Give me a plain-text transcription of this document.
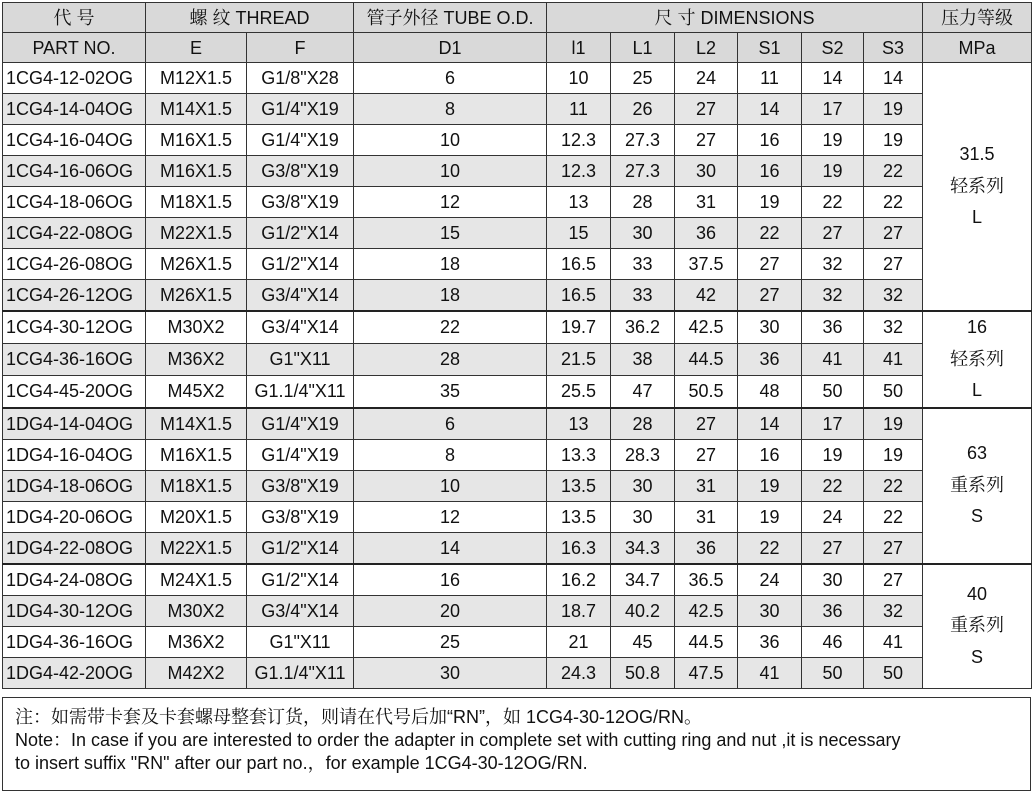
代 号	螺 纹 THREAD		管子外径 TUBE O.D.	尺 寸 DIMENSIONS						压力等级
PART NO.	E	F	D1	l1	L1	L2	S1	S2	S3	MPa
1CG4-12-02OG	M12X1.5	G1/8"X28	6	10	25	24	11	14	14	31.5
轻系列
L

1CG4-14-04OG	M14X1.5	G1/4"X19	8	11	26	27	14	17	19	
1CG4-16-04OG	M16X1.5	G1/4"X19	10	12.3	27.3	27	16	19	19	
1CG4-16-06OG	M16X1.5	G3/8"X19	10	12.3	27.3	30	16	19	22	
1CG4-18-06OG	M18X1.5	G3/8"X19	12	13	28	31	19	22	22	
1CG4-22-08OG	M22X1.5	G1/2"X14	15	15	30	36	22	27	27	
1CG4-26-08OG	M26X1.5	G1/2"X14	18	16.5	33	37.5	27	32	27	
1CG4-26-12OG	M26X1.5	G3/4"X14	18	16.5	33	42	27	32	32	
1CG4-30-12OG	M30X2	G3/4"X14	22	19.7	36.2	42.5	30	36	32	16
轻系列
L

1CG4-36-16OG	M36X2	G1"X11	28	21.5	38	44.5	36	41	41	
1CG4-45-20OG	M45X2	G1.1/4"X11	35	25.5	47	50.5	48	50	50	
1DG4-14-04OG	M14X1.5	G1/4"X19	6	13	28	27	14	17	19	63
重系列
S

1DG4-16-04OG	M16X1.5	G1/4"X19	8	13.3	28.3	27	16	19	19	
1DG4-18-06OG	M18X1.5	G3/8"X19	10	13.5	30	31	19	22	22	
1DG4-20-06OG	M20X1.5	G3/8"X19	12	13.5	30	31	19	24	22	
1DG4-22-08OG	M22X1.5	G1/2"X14	14	16.3	34.3	36	22	27	27	
1DG4-24-08OG	M24X1.5	G1/2"X14	16	16.2	34.7	36.5	24	30	27	40
重系列
S

1DG4-30-12OG	M30X2	G3/4"X14	20	18.7	40.2	42.5	30	36	32	
1DG4-36-16OG	M36X2	G1"X11	25	21	45	44.5	36	46	41	
1DG4-42-20OG	M42X2	G1.1/4"X11	30	24.3	50.8	47.5	41	50	50	
注：如需带卡套及卡套螺母整套订货，则请在代号后加“RN”，如 1CG4-30-12OG/RN。
Note：In case if you are interested to order the adapter in complete set with cutting ring and nut ,it is necessary
to insert suffix "RN" after our part no.，for example 1CG4-30-12OG/RN.
